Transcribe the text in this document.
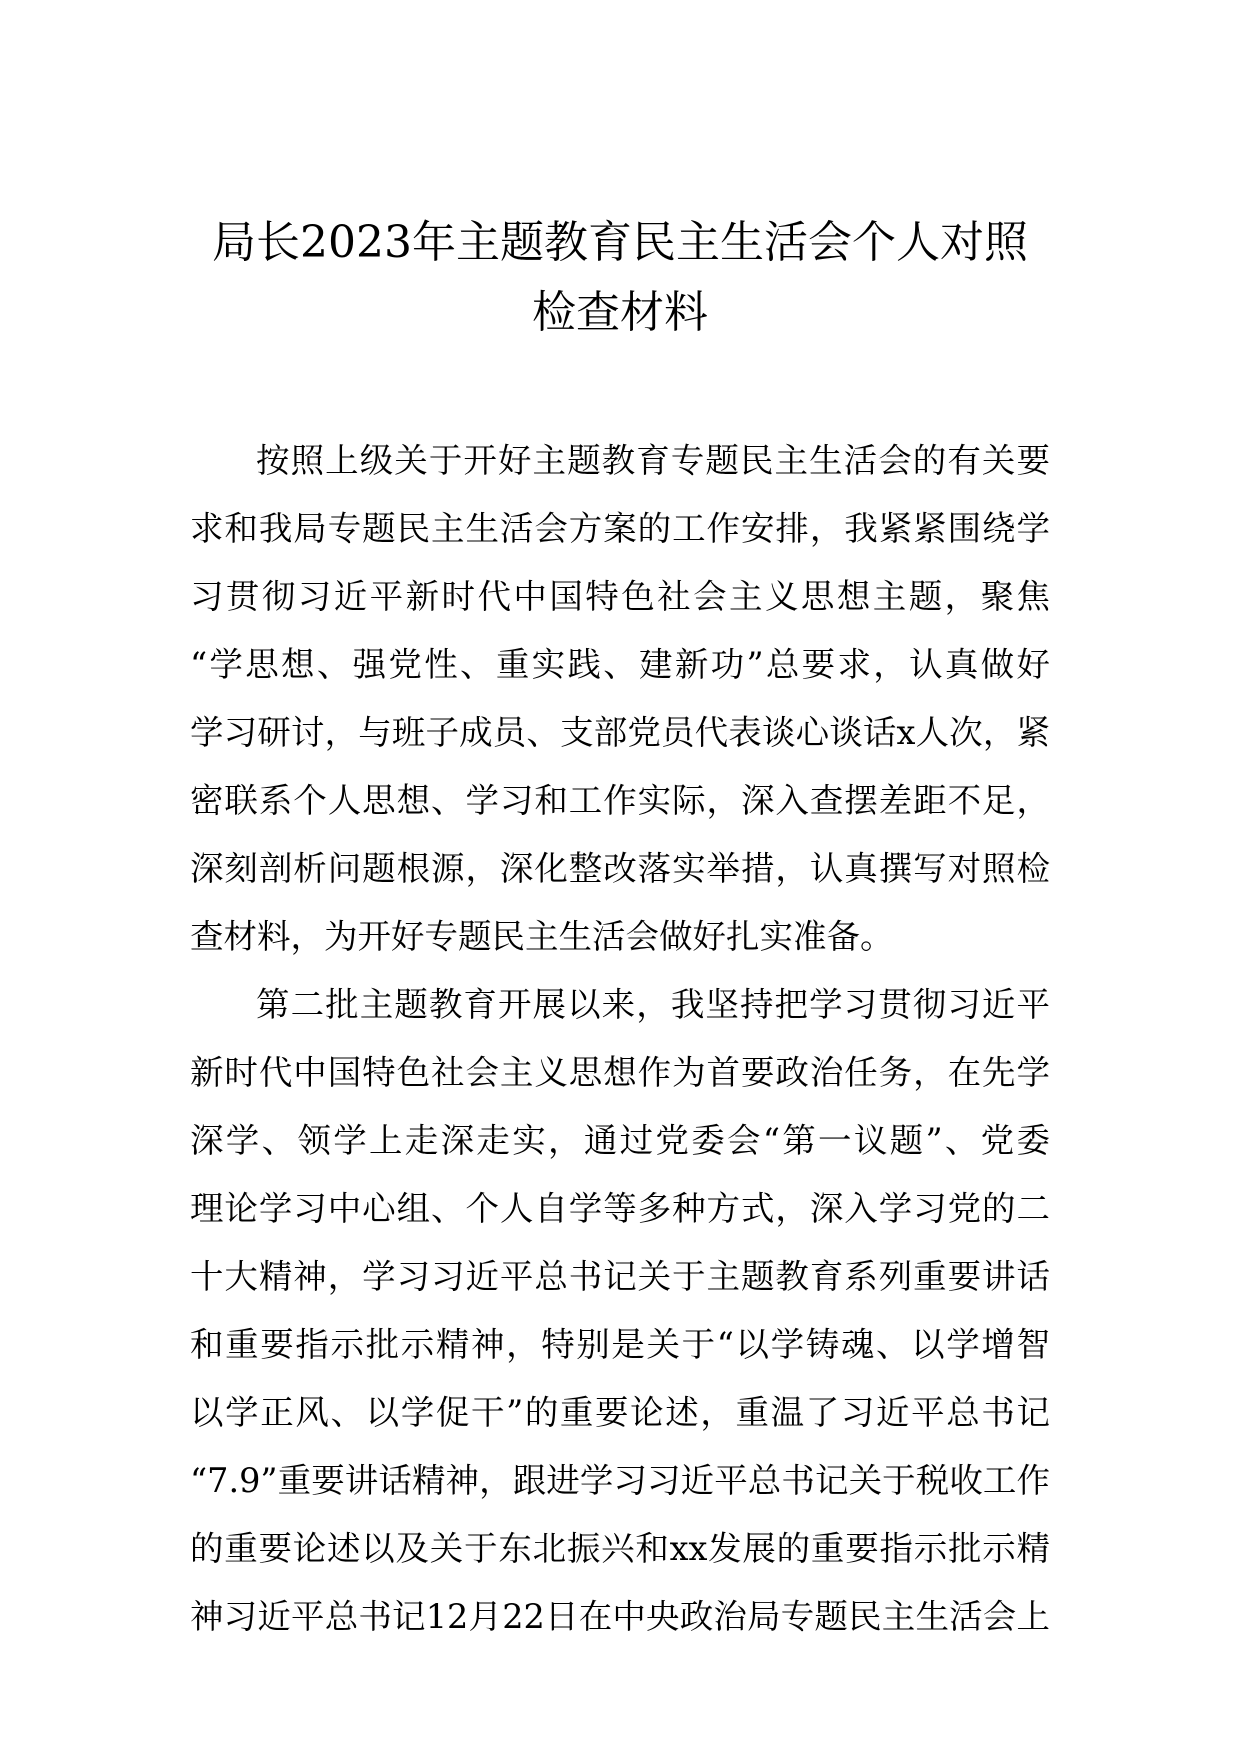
局长2023年主题教育民主生活会个人对照
检查材料
按照上级关于开好主题教育专题民主生活会的有关要
求和我局专题民主生活会方案的工作安排，我紧紧围绕学
习贯彻习近平新时代中国特色社会主义思想主题，聚焦
“学思想、强党性、重实践、建新功”总要求，认真做好
学习研讨，与班子成员、支部党员代表谈心谈话x人次，紧
密联系个人思想、学习和工作实际，深入查摆差距不足，
深刻剖析问题根源，深化整改落实举措，认真撰写对照检
查材料，为开好专题民主生活会做好扎实准备。
第二批主题教育开展以来，我坚持把学习贯彻习近平
新时代中国特色社会主义思想作为首要政治任务，在先学
深学、领学上走深走实，通过党委会“第一议题”、党委
理论学习中心组、个人自学等多种方式，深入学习党的二
十大精神，学习习近平总书记关于主题教育系列重要讲话
和重要指示批示精神，特别是关于“以学铸魂、以学增智
以学正风、以学促干”的重要论述，重温了习近平总书记
“7.9”重要讲话精神，跟进学习习近平总书记关于税收工作
的重要论述以及关于东北振兴和xx发展的重要指示批示精
神习近平总书记12月22日在中央政治局专题民主生活会上
